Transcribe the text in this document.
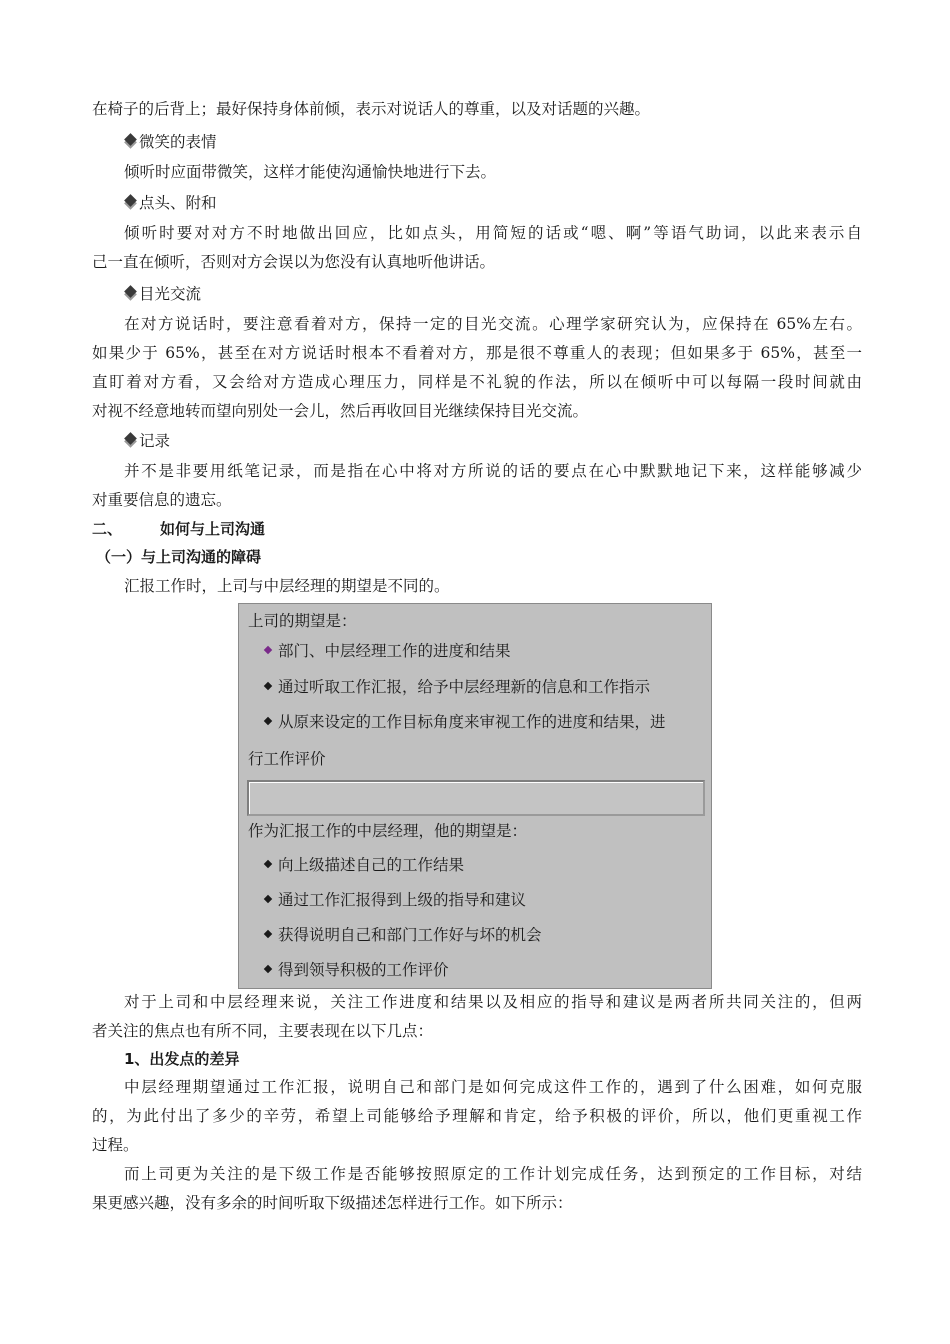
在椅子的后背上；最好保持身体前倾，表示对说话人的尊重，以及对话题的兴趣。
微笑的表情
倾听时应面带微笑，这样才能使沟通愉快地进行下去。
点头、附和
倾听时要对对方不时地做出回应，比如点头，用简短的话或“嗯、啊”等语气助词，以此来表示自
己一直在倾听，否则对方会误以为您没有认真地听他讲话。
目光交流
在对方说话时，要注意看着对方，保持一定的目光交流。心理学家研究认为，应保持在 65%左右。
如果少于 65%，甚至在对方说话时根本不看着对方，那是很不尊重人的表现；但如果多于 65%，甚至一
直盯着对方看，又会给对方造成心理压力，同样是不礼貌的作法，所以在倾听中可以每隔一段时间就由
对视不经意地转而望向别处一会儿，然后再收回目光继续保持目光交流。
记录
并不是非要用纸笔记录，而是指在心中将对方所说的话的要点在心中默默地记下来，这样能够减少
对重要信息的遗忘。
二、	如何与上司沟通
（一）与上司沟通的障碍
汇报工作时，上司与中层经理的期望是不同的。
上司的期望是：
部门、中层经理工作的进度和结果
通过听取工作汇报，给予中层经理新的信息和工作指示
从原来设定的工作目标角度来审视工作的进度和结果，进
行工作评价
作为汇报工作的中层经理，他的期望是：
向上级描述自己的工作结果
通过工作汇报得到上级的指导和建议
获得说明自己和部门工作好与坏的机会
得到领导积极的工作评价
对于上司和中层经理来说，关注工作进度和结果以及相应的指导和建议是两者所共同关注的，但两
者关注的焦点也有所不同，主要表现在以下几点：
1、出发点的差异
中层经理期望通过工作汇报，说明自己和部门是如何完成这件工作的，遇到了什么困难，如何克服
的，为此付出了多少的辛劳，希望上司能够给予理解和肯定，给予积极的评价，所以，他们更重视工作
过程。
而上司更为关注的是下级工作是否能够按照原定的工作计划完成任务，达到预定的工作目标，对结
果更感兴趣，没有多余的时间听取下级描述怎样进行工作。如下所示：
